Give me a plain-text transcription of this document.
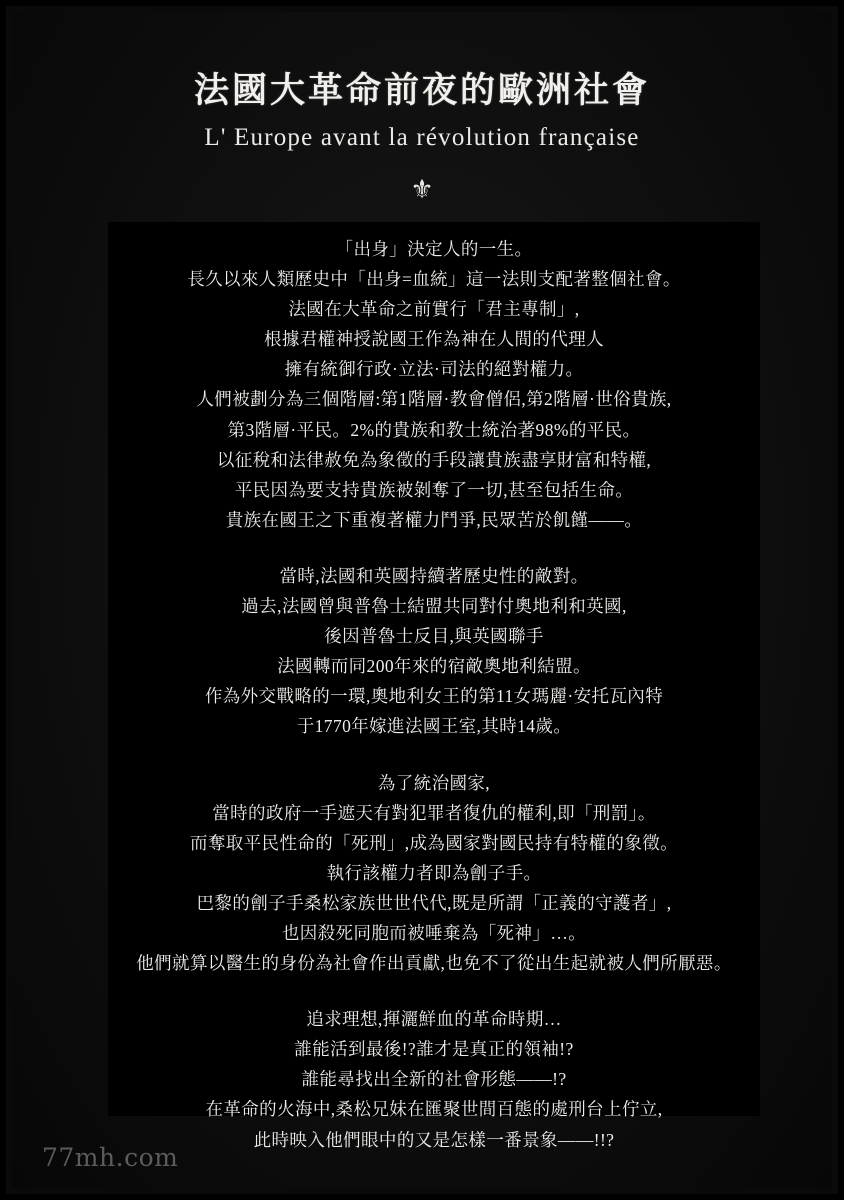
法國大革命前夜的歐洲社會
L' Europe avant la révolution française
⚜

「出身」決定人的一生。
長久以來人類歷史中「出身=血統」這一法則支配著整個社會。
法國在大革命之前實行「君主專制」,
根據君權神授說國王作為神在人間的代理人
擁有統御行政·立法·司法的絕對權力。
人們被劃分為三個階層:第1階層·教會僧侶,第2階層·世俗貴族,
第3階層·平民。2%的貴族和教士統治著98%的平民。
以征稅和法律赦免為象徵的手段讓貴族盡享財富和特權,
平民因為要支持貴族被剝奪了一切,甚至包括生命。
貴族在國王之下重複著權力鬥爭,民眾苦於飢饉——。

當時,法國和英國持續著歷史性的敵對。
過去,法國曾與普魯士結盟共同對付奧地利和英國,
後因普魯士反目,與英國聯手
法國轉而同200年來的宿敵奧地利結盟。
作為外交戰略的一環,奧地利女王的第11女瑪麗·安托瓦內特
于1770年嫁進法國王室,其時14歲。

為了統治國家,
當時的政府一手遮天有對犯罪者復仇的權利,即「刑罰」。
而奪取平民性命的「死刑」,成為國家對國民持有特權的象徵。
執行該權力者即為劊子手。
巴黎的劊子手桑松家族世世代代,既是所謂「正義的守護者」,
也因殺死同胞而被唾棄為「死神」…。
他們就算以醫生的身份為社會作出貢獻,也免不了從出生起就被人們所厭惡。

追求理想,揮灑鮮血的革命時期…
誰能活到最後!?誰才是真正的領袖!?
誰能尋找出全新的社會形態——!?
在革命的火海中,桑松兄妹在匯聚世間百態的處刑台上佇立,
此時映入他們眼中的又是怎樣一番景象——!!?

77mh.com
